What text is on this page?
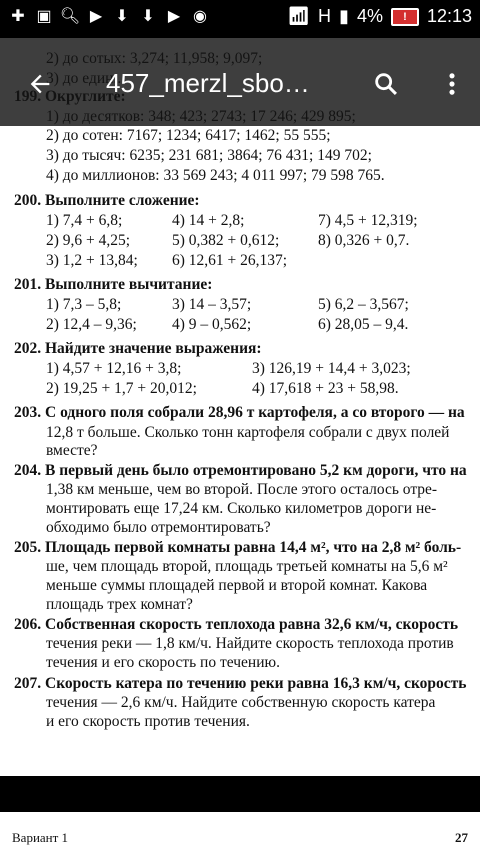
✚ ▣ 🔍︎ ▶ ⬇ ⬇ ▶ ◉	📶︎ H ▮ 4% ! 12:13
2) до сотен: 7167; 1234; 6417; 1462; 55 555;
3) до тысяч: 6235; 231 681; 3864; 76 431; 149 702;
4) до миллионов: 33 569 243; 4 011 997; 79 598 765.
200. Выполните сложение:
1) 7,4 + 6,8;	4) 14 + 2,8;	7) 4,5 + 12,319;
2) 9,6 + 4,25;	5) 0,382 + 0,612; 8) 0,326 + 0,7.
3) 1,2 + 13,84; 6) 12,61 + 26,137;
201. Выполните вычитание:
1) 7,3 – 5,8;	3) 14 – 3,57;	5) 6,2 – 3,567;
2) 12,4 – 9,36; 4) 9 – 0,562;	6) 28,05 – 9,4.
202. Найдите значение выражения:
1) 4,57 + 12,16 + 3,8;	3) 126,19 + 14,4 + 3,023;
2) 19,25 + 1,7 + 20,012;	4) 17,618 + 23 + 58,98.
203. С одного поля собрали 28,96 т картофеля, а со второго — на
12,8 т больше. Сколько тонн картофеля собрали с двух полей
вместе?
204. В первый день было отремонтировано 5,2 км дороги, что на
1,38 км меньше, чем во второй. После этого осталось отре-
монтировать еще 17,24 км. Сколько километров дороги не-
обходимо было отремонтировать?
205. Площадь первой комнаты равна 14,4 м², что на 2,8 м² боль-
ше, чем площадь второй, площадь третьей комнаты на 5,6 м²
меньше суммы площадей первой и второй комнат. Какова
площадь трех комнат?
206. Собственная скорость теплохода равна 32,6 км/ч, скорость
течения реки — 1,8 км/ч. Найдите скорость теплохода против
течения и его скорость по течению.
207. Скорость катера по течению реки равна 16,3 км/ч, скорость
течения — 2,6 км/ч. Найдите собственную скорость катера
и его скорость против течения.
457_merzl_sbo…
Вариант 1	27
